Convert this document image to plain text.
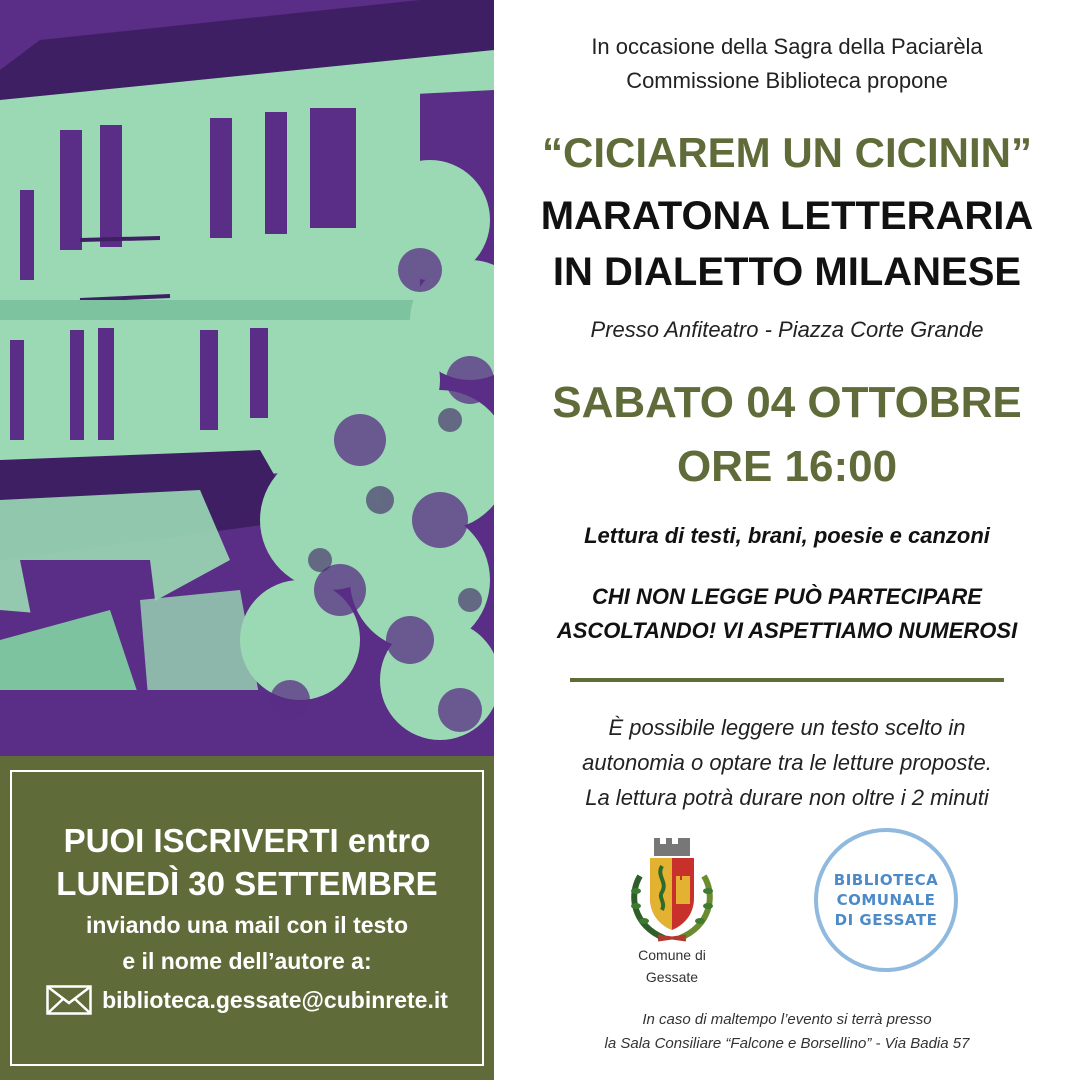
PUOI ISCRIVERTI entro
LUNEDÌ 30 SETTEMBRE
inviando una mail con il testo
e il nome dell’autore a:
biblioteca.gessate@cubinrete.it
In occasione della Sagra della Paciarèla
Commissione Biblioteca propone
“CICIAREM UN CICININ”
MARATONA LETTERARIA
IN DIALETTO MILANESE
Presso Anfiteatro - Piazza Corte Grande
SABATO 04 OTTOBRE
ORE 16:00
Lettura di testi, brani, poesie e canzoni
CHI NON LEGGE PUÒ PARTECIPARE
ASCOLTANDO! VI ASPETTIAMO NUMEROSI
È possibile leggere un testo scelto in
autonomia o optare tra le letture proposte.
La lettura potrà durare non oltre i 2 minuti
Comune di
Gessate
BIBLIOTECA
COMUNALE
DI GESSATE
In caso di maltempo l’evento si terrà presso
la Sala Consiliare “Falcone e Borsellino” - Via Badia 57
